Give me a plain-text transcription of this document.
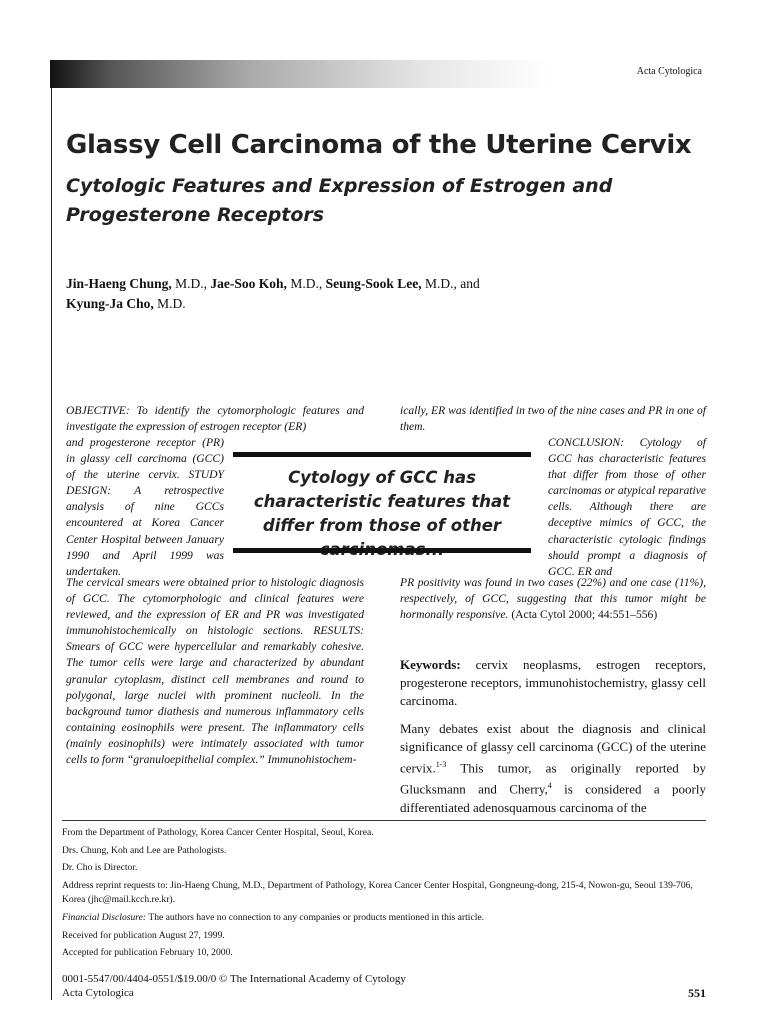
Acta Cytologica
Glassy Cell Carcinoma of the Uterine Cervix
Cytologic Features and Expression of Estrogen and Progesterone Receptors
Jin-Haeng Chung, M.D., Jae-Soo Koh, M.D., Seung-Sook Lee, M.D., and
Kyung-Ja Cho, M.D.
OBJECTIVE: To identify the cytomorphologic features and investigate the expression of estrogen receptor (ER)
ically, ER was identified in two of the nine cases and PR in one of them.
and progesterone receptor (PR) in glassy cell carcinoma (GCC) of the uterine cervix. STUDY DESIGN: A retrospective analysis of nine GCCs encountered at Korea Cancer Center Hospital between January 1990 and April 1999 was undertaken.
CONCLUSION: Cytology of GCC has characteristic features that differ from those of other carcinomas or atypical reparative cells. Although there are deceptive mimics of GCC, the characteristic cytologic findings should prompt a diagnosis of GCC. ER and
Cytology of GCC has characteristic features that differ from those of other
The cervical smears were obtained prior to histologic diagnosis of GCC. The cytomorphologic and clinical features were reviewed, and the expression of ER and PR was investigated immunohistochemically on histologic sections. RESULTS: Smears of GCC were hypercellular and remarkably cohesive. The tumor cells were large and characterized by abundant granular cytoplasm, distinct cell membranes and round to polygonal, large nuclei with prominent nucleoli. In the background tumor diathesis and numerous inflammatory cells containing eosinophils were present. The inflammatory cells (mainly eosinophils) were intimately associated with tumor cells to form “granuloepithelial complex.” Immunohistochem-
PR positivity was found in two cases (22%) and one case (11%), respectively, of GCC, suggesting that this tumor might be hormonally responsive. (Acta Cytol 2000; 44:551–556)
Keywords: cervix neoplasms, estrogen receptors, progesterone receptors, immunohistochemistry, glassy cell carcinoma.
Many debates exist about the diagnosis and clinical significance of glassy cell carcinoma (GCC) of the uterine cervix.$^{1-3}$ This tumor, as originally reported by Glucksmann and Cherry,$^4$ is considered a poorly differentiated adenosquamous carcinoma of the

From the Department of Pathology, Korea Cancer Center Hospital, Seoul, Korea.

Drs. Chung, Koh and Lee are Pathologists.

Dr. Cho is Director.

Address reprint requests to: Jin-Haeng Chung, M.D., Department of Pathology, Korea Cancer Center Hospital, Gongneung-dong, 215-4, Nowon-gu, Seoul 139-706, Korea (jhc@mail.kcch.re.kr).

Financial Disclosure: The authors have no connection to any companies or products mentioned in this article.

Received for publication August 27, 1999.

Accepted for publication February 10, 2000.

0001-5547/00/4404-0551/$19.00/0 © The International Academy of Cytology
Acta Cytologica	551
